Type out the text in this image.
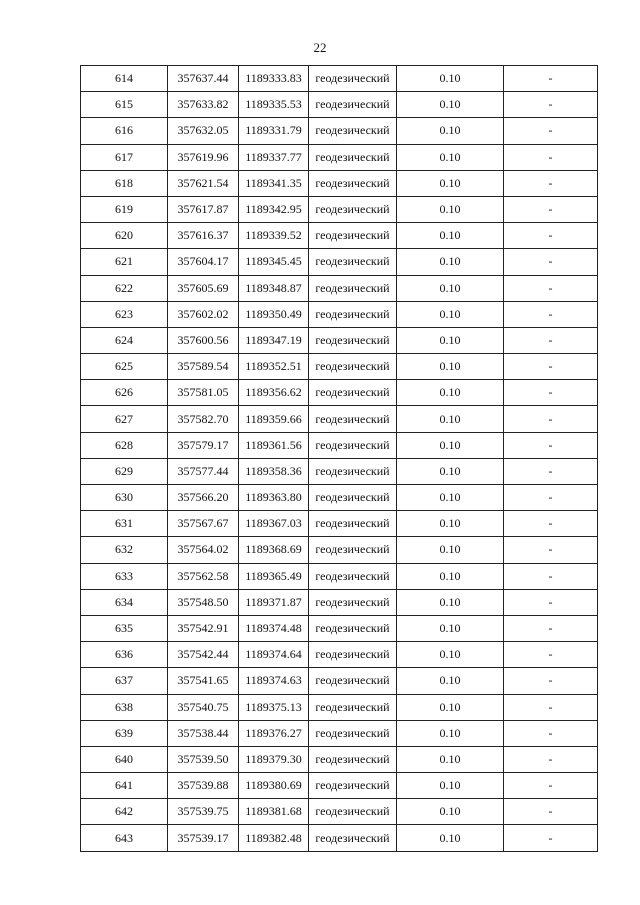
22
614	357637.44	1189333.83	геодезический	0.10	-
615	357633.82	1189335.53	геодезический	0.10	-
616	357632.05	1189331.79	геодезический	0.10	-
617	357619.96	1189337.77	геодезический	0.10	-
618	357621.54	1189341.35	геодезический	0.10	-
619	357617.87	1189342.95	геодезический	0.10	-
620	357616.37	1189339.52	геодезический	0.10	-
621	357604.17	1189345.45	геодезический	0.10	-
622	357605.69	1189348.87	геодезический	0.10	-
623	357602.02	1189350.49	геодезический	0.10	-
624	357600.56	1189347.19	геодезический	0.10	-
625	357589.54	1189352.51	геодезический	0.10	-
626	357581.05	1189356.62	геодезический	0.10	-
627	357582.70	1189359.66	геодезический	0.10	-
628	357579.17	1189361.56	геодезический	0.10	-
629	357577.44	1189358.36	геодезический	0.10	-
630	357566.20	1189363.80	геодезический	0.10	-
631	357567.67	1189367.03	геодезический	0.10	-
632	357564.02	1189368.69	геодезический	0.10	-
633	357562.58	1189365.49	геодезический	0.10	-
634	357548.50	1189371.87	геодезический	0.10	-
635	357542.91	1189374.48	геодезический	0.10	-
636	357542.44	1189374.64	геодезический	0.10	-
637	357541.65	1189374.63	геодезический	0.10	-
638	357540.75	1189375.13	геодезический	0.10	-
639	357538.44	1189376.27	геодезический	0.10	-
640	357539.50	1189379.30	геодезический	0.10	-
641	357539.88	1189380.69	геодезический	0.10	-
642	357539.75	1189381.68	геодезический	0.10	-
643	357539.17	1189382.48	геодезический	0.10	-
